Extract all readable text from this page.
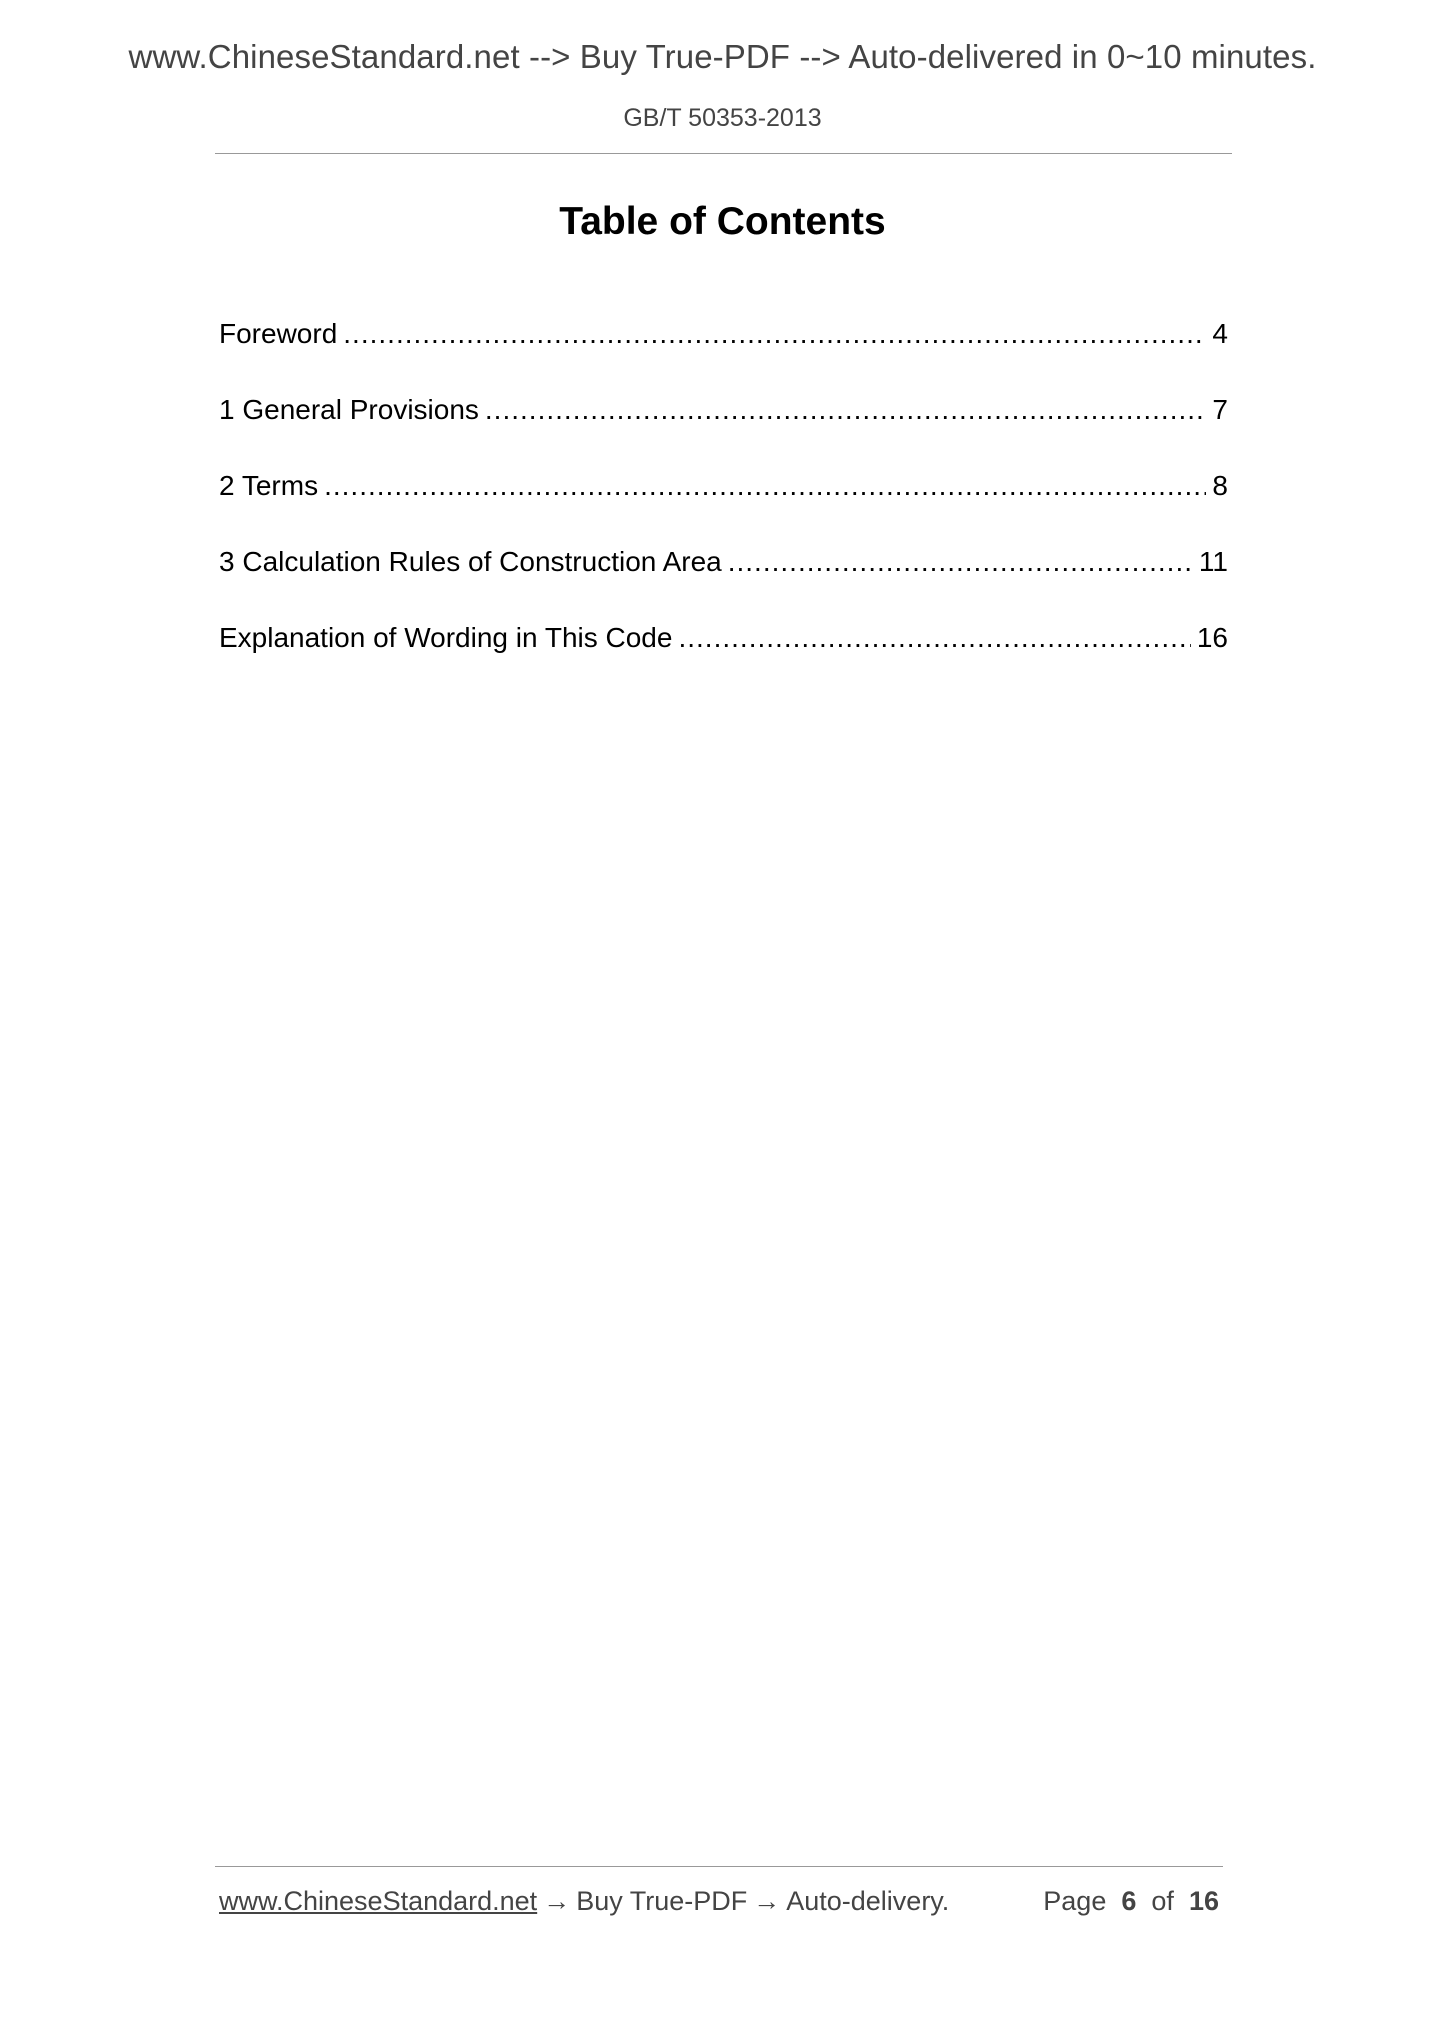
www.ChineseStandard.net --> Buy True-PDF --> Auto-delivered in 0~10 minutes.
GB/T 50353-2013
Table of Contents
Foreword .....	4
1 General Provisions .....	7
2 Terms .....	8
3 Calculation Rules of Construction Area .....	11
Explanation of Wording in This Code .....	16
www.ChineseStandard.net → Buy True-PDF → Auto-delivery.	Page 6 of 16
